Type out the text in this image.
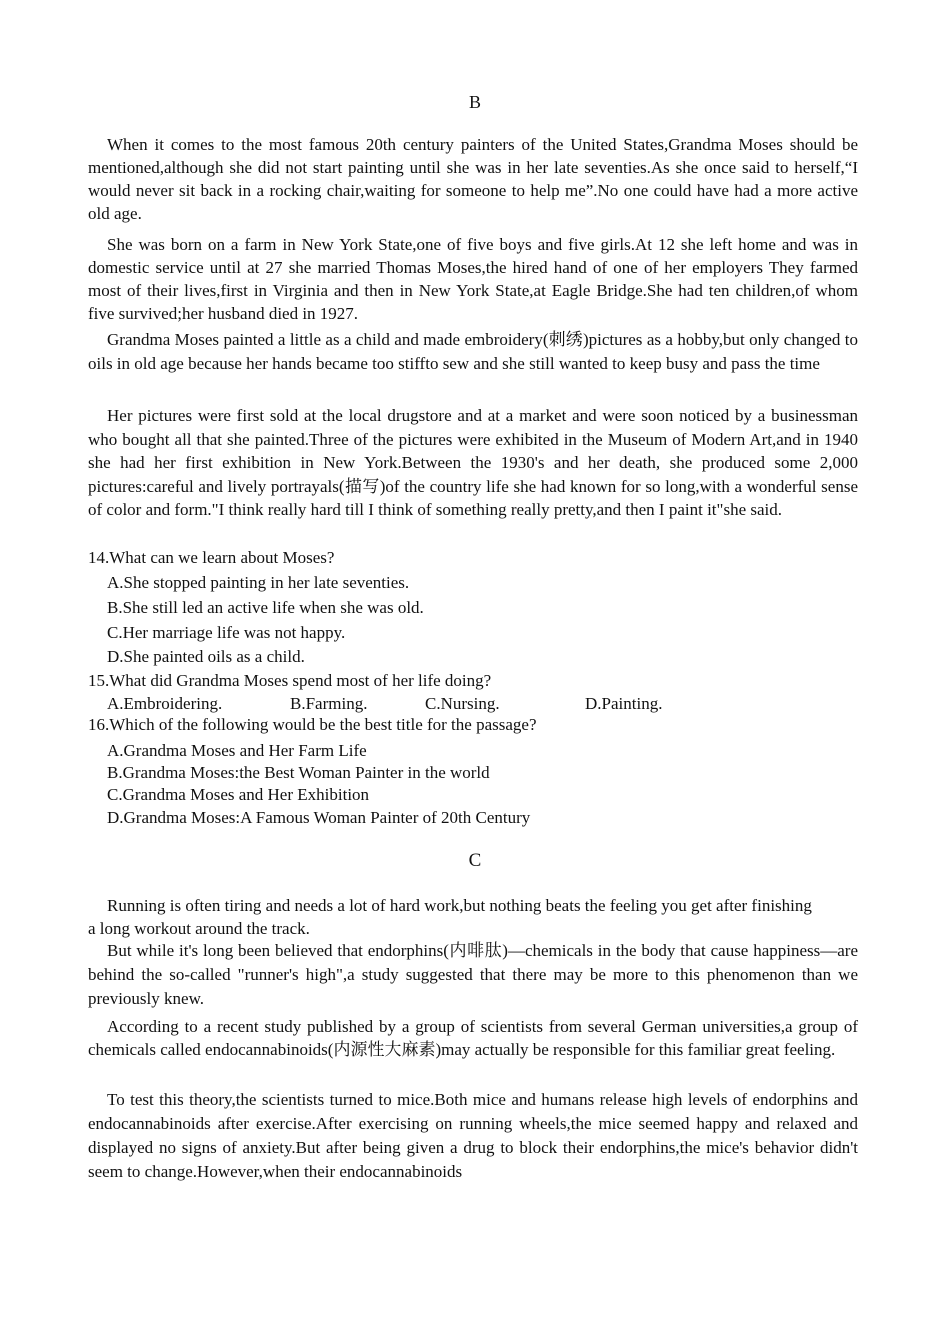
B

When it comes to the most famous 20th century painters of the United States,Grandma Moses should be mentioned,although she did not start painting until she was in her late seventies.As she once said to herself,“I would never sit back in a rocking chair,waiting for someone to help me”.No one could have had a more active old age.

She was born on a farm in New York State,one of five boys and five girls.At 12 she left home and was in domestic service until at 27 she married Thomas Moses,the hired hand of one of her employers They farmed most of their lives,first in Virginia and then in New York State,at Eagle Bridge.She had ten children,of whom five survived;her husband died in 1927.

Grandma Moses painted a little as a child and made embroidery(刺绣)pictures as a hobby,but only changed to oils in old age because her hands became too stiffto sew and she still wanted to keep busy and pass the time

Her pictures were first sold at the local drugstore and at a market and were soon noticed by a businessman who bought all that she painted.Three of the pictures were exhibited in the Museum of Modern Art,and in 1940 she had her first exhibition in New York.Between the 1930's and her death, she produced some 2,000 pictures:careful and lively portrayals(描写)of the country life she had known for so long,with a wonderful sense of color and form."I think really hard till I think of something really pretty,and then I paint it"she said.

14.What can we learn about Moses?
A.She stopped painting in her late seventies.
B.She still led an active life when she was old.
C.Her marriage life was not happy.
D.She painted oils as a child.
15.What did Grandma Moses spend most of her life doing?
A.Embroidering.	B.Farming.	C.Nursing.	D.Painting.
16.Which of the following would be the best title for the passage?
A.Grandma Moses and Her Farm Life
B.Grandma Moses:the Best Woman Painter in the world
C.Grandma Moses and Her Exhibition
D.Grandma Moses:A Famous Woman Painter of 20th Century
C

Running is often tiring and needs a lot of hard work,but nothing beats the feeling you get after finishing a long workout around the track.

But while it's long been believed that endorphins(内啡肽)—chemicals in the body that cause happiness—are behind the so-called "runner's high",a study suggested that there may be more to this phenomenon than we previously knew.

According to a recent study published by a group of scientists from several German universities,a group of chemicals called endocannabinoids(内源性大麻素)may actually be responsible for this familiar great feeling.

To test this theory,the scientists turned to mice.Both mice and humans release high levels of endorphins and endocannabinoids after exercise.After exercising on running wheels,the mice seemed happy and relaxed and displayed no signs of anxiety.But after being given a drug to block their endorphins,the mice's behavior didn't seem to change.However,when their endocannabinoids
